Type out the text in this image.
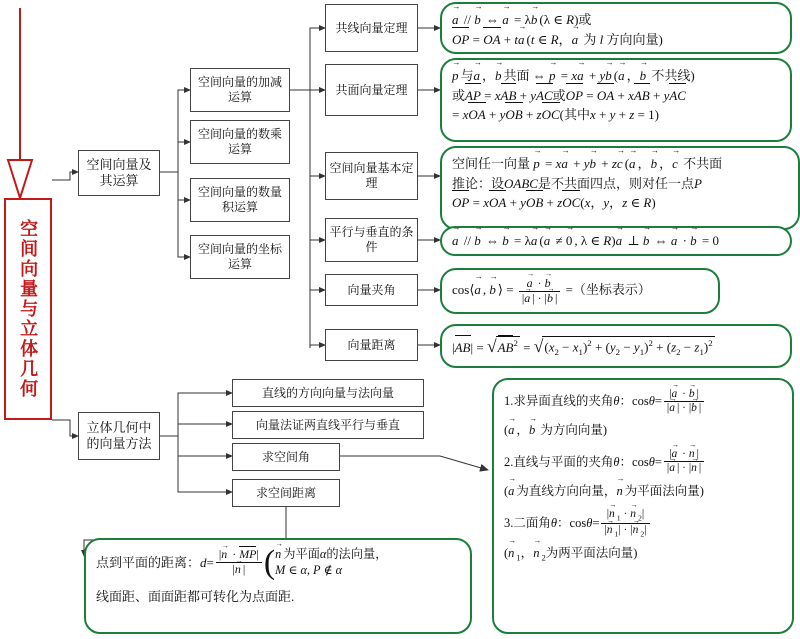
空间向量与立体几何
空间向量及其运算
立体几何中的向量方法
空间向量的加减运算
空间向量的数乘运算
空间向量的数量积运算
空间向量的坐标运算
共线向量定理
共面向量定理
空间向量基本定理
平行与垂直的条件
向量夹角
向量距离
直线的方向向量与法向量
向量法证两直线平行与垂直
求空间角
求空间距离
a → // b → ⇔ a → = λb → (λ ∈ R)或
OP = OA + ta → (t ∈ R，a → 为 l 方向向量)
p → 与a → ，b → 共面 ⇔ p → = xa → + yb → (a → ，b → 不共线)
或AP = xAB + yAC或OP = OA + xAB + yAC
= xOA + yOB + zOC(其中x + y + z = 1)
空间任一向量 p → = xa → + yb → + zc → (a → ，b → ，c → 不共面
推论：设OABC是不共面四点，则对任一点P
OP = xOA + yOB + zOC(x，y，z ∈ R)
a → // b → ⇔ b → = λa → (a → ≠ 0 → , λ ∈ R)a → ⊥ b → ⇔ a → · b → = 0
cos⟨a → , b → ⟩ = $\frac{a \to \cdot b \to}{|a \to | \cdot |b \to |}$ =（坐标表示）
$|AB| = √AB^2 = √(x_2 - x_1)^2 + (y_2 - y_1)^2 + (z_2 - z_1)^2$
点到平面的距离： $d = \frac{|n \to \cdot MP|}{|n \to |}$ ( n → 为平面α的法向量，
M ∈ α, P ∉ α
线面距、面面距都可转化为点面距.
1.求异面直线的夹角 θ ：$\cos \theta = \frac{|a \to \cdot b \to |}{|a \to | \cdot |b \to |}$
(a → ，b → 为方向向量)
2.直线与平面的夹角 θ ：$\cos \theta = \frac{|a \to \cdot n \to |}{|a \to | \cdot |n \to |}$
(a → 为直线方向向量，n → 为平面法向量)
3.二面角 θ ：$\cos \theta = \frac{|n \to _1 \cdot n \to _2|}{|n \to _1| \cdot |n \to _2|}$
(n → $_1$，n → $_2$为两平面法向量)
